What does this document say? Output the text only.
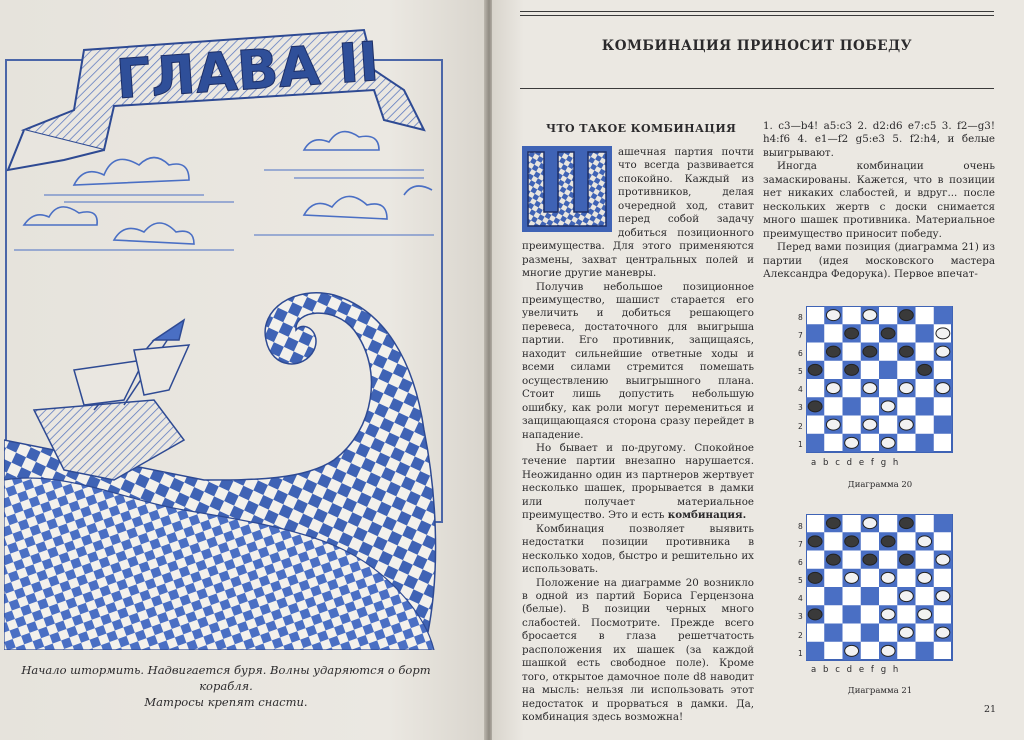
ГЛАВА II
Начало штормить. Надвигается буря. Волны ударяются о борт корабля.
Матросы крепят снасти.
КОМБИНАЦИЯ ПРИНОСИТ ПОБЕДУ
ЧТО ТАКОЕ КОМБИНАЦИЯ

ашечная партия почти что всегда развивается спокойно. Каждый из противников, делая очередной ход, ставит перед собой задачу добиться позиционного преимущества. Для этого применяются размены, захват центральных полей и многие другие маневры.

Получив небольшое позиционное преимущество, шашист старается его увеличить и добиться решающего перевеса, достаточного для выигрыша партии. Его противник, защищаясь, находит сильнейшие ответные ходы и всеми силами стремится помешать осуществлению выигрышного плана. Стоит лишь допустить небольшую ошибку, как роли могут перемениться и защищающаяся сторона сразу перейдет в нападение.

Но бывает и по-другому. Спокойное течение партии внезапно нарушается. Неожиданно один из партнеров жертвует несколько шашек, прорывается в дамки или получает материальное преимущество. Это и есть комбинация.

Комбинация позволяет выявить недостатки позиции противника в несколько ходов, быстро и решительно их использовать.

Положение на диаграмме 20 возникло в одной из партий Бориса Герцензона (белые). В позиции черных много слабостей. Посмотрите. Прежде всего бросается в глаза решетчатость расположения их шашек (за каждой шашкой есть свободное поле). Кроме того, открытое дамочное поле d8 наводит на мысль: нельзя ли использовать этот недостаток и прорваться в дамки. Да, комбинация здесь возможна!

1. с3—b4! а5:с3 2. d2:d6 е7:с5 3. f2—g3! h4:f6 4. е1—f2 g5:е3 5. f2:h4, и белые выигрывают.

Иногда комбинации очень замаскированы. Кажется, что в позиции нет никаких слабостей, и вдруг... после нескольких жертв с доски снимается много шашек противника. Материальное преимущество приносит победу.

Перед вами позиция (диаграмма 21) из партии (идея московского мастера Александра Федорука). Первое впечат-

8
7
6
5
4
3
2
1
abcdefgh
Диаграмма 20
8
7
6
5
4
3
2
1
abcdefgh
Диаграмма 21
21
